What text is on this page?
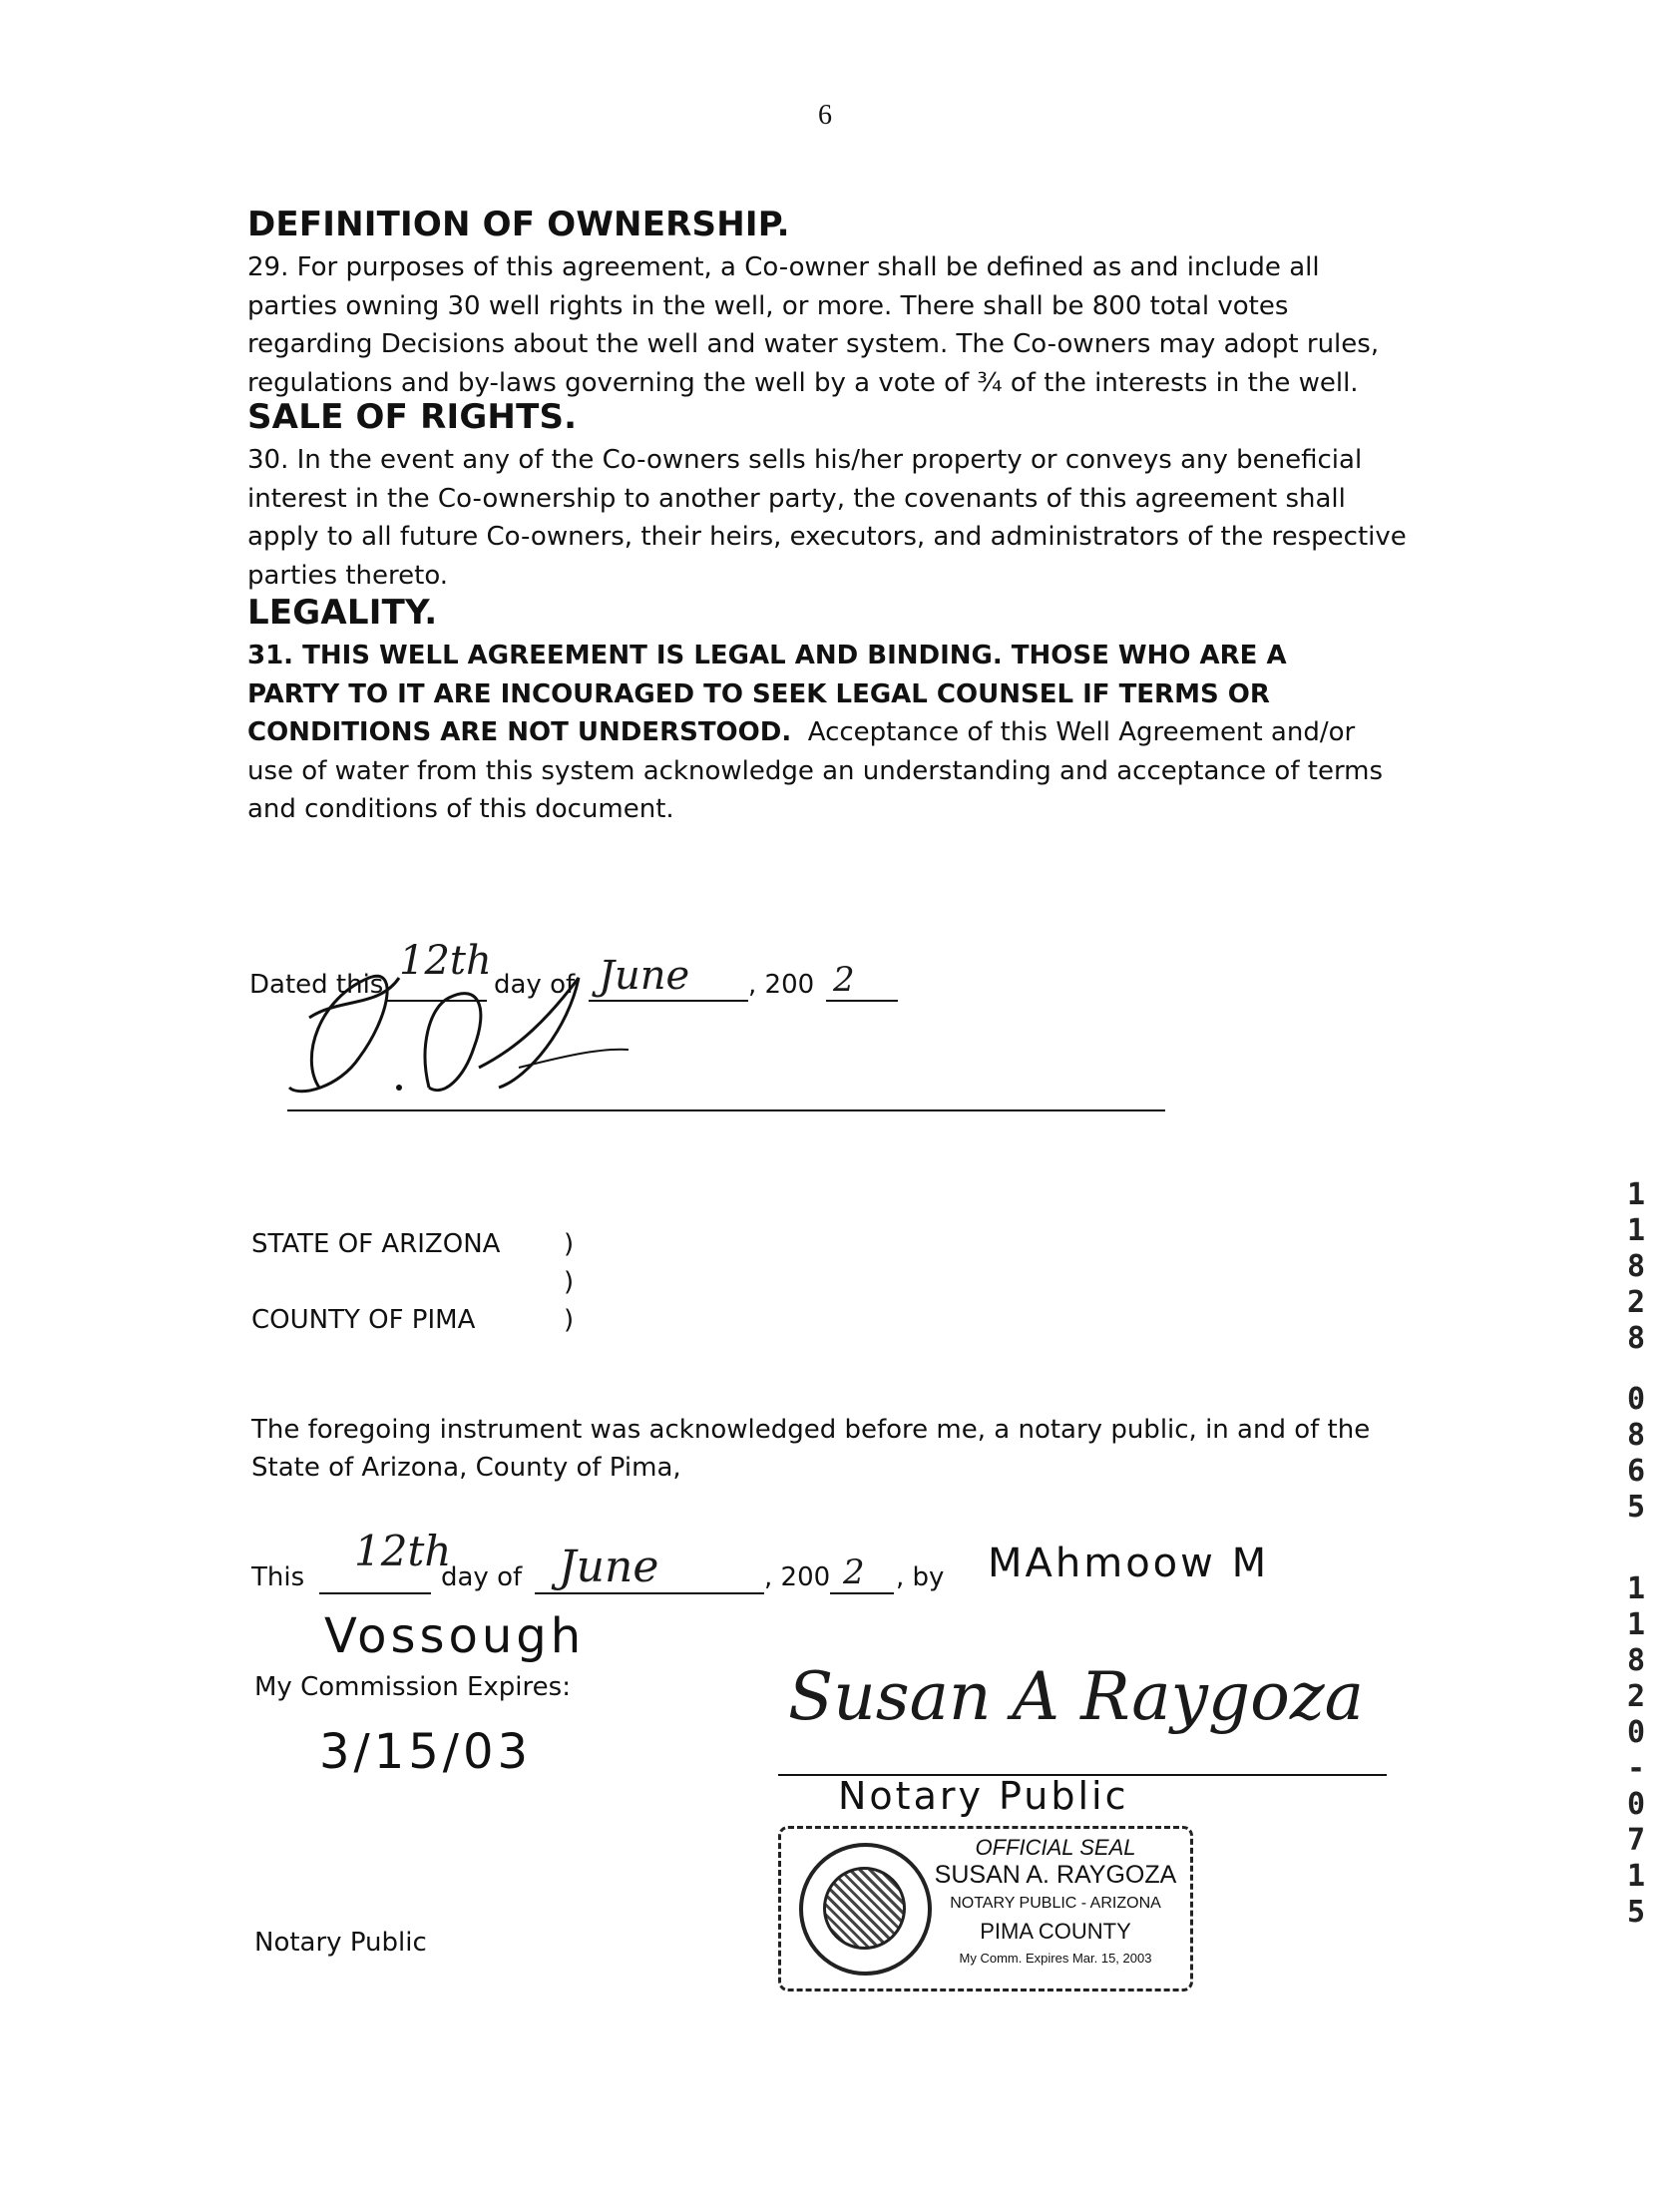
6
DEFINITION OF OWNERSHIP.
29. For purposes of this agreement, a Co-owner shall be defined as and include all
parties owning 30 well rights in the well, or more. There shall be 800 total votes
regarding Decisions about the well and water system. The Co-owners may adopt rules,
regulations and by-laws governing the well by a vote of ¾ of the interests in the well.
SALE OF RIGHTS.
30. In the event any of the Co-owners sells his/her property or conveys any beneficial
interest in the Co-ownership to another party, the covenants of this agreement shall
apply to all future Co-owners, their heirs, executors, and administrators of the respective
parties thereto.
LEGALITY.
31. THIS WELL AGREEMENT IS LEGAL AND BINDING. THOSE WHO ARE A
PARTY TO IT ARE INCOURAGED TO SEEK LEGAL COUNSEL IF TERMS OR
CONDITIONS ARE NOT UNDERSTOOD.  Acceptance of this Well Agreement and/or
use of water from this system acknowledge an understanding and acceptance of terms
and conditions of this document.
Dated this
12th
day of June , 200 2
STATE OF ARIZONA )
)
COUNTY OF PIMA	)
The foregoing instrument was acknowledged before me, a notary public, in and of the
State of Arizona, County of Pima,
This
12th
day of June	, 200 2 , by MAhmoow M
Vossough
My Commission Expires:
3/15/03
Susan A Raygoza
Notary Public
OFFICIAL SEAL
SUSAN A. RAYGOZA
NOTARY PUBLIC - ARIZONA
PIMA COUNTY
My Comm. Expires Mar. 15, 2003
Notary Public
1
1
8
2
8
0
8
6
5
1
1
8
2
0
-
0
7
1
5
